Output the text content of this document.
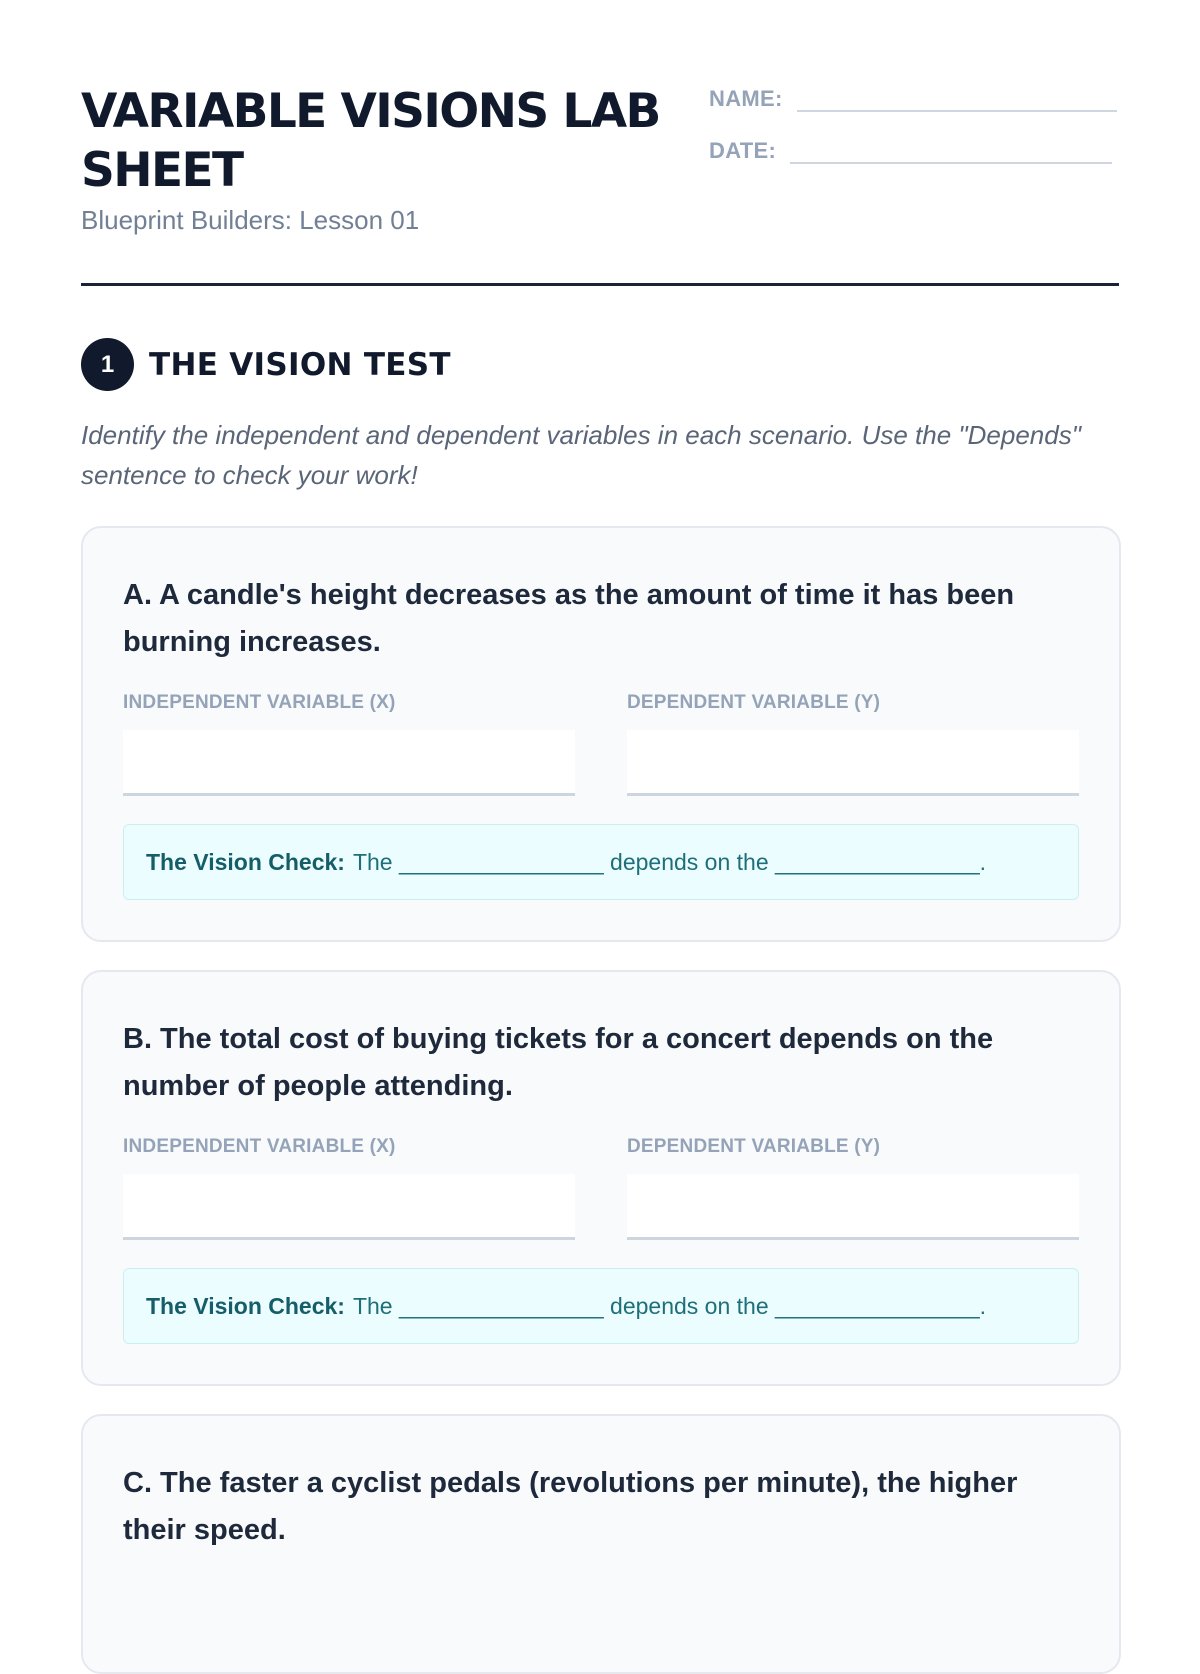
VARIABLE VISIONS LAB SHEET
Blueprint Builders: Lesson 01
NAME:
DATE:
1	THE VISION TEST
Identify the independent and dependent variables in each scenario. Use the "Depends" sentence to check your work!
A. A candle's height decreases as the amount of time it has been burning increases.
INDEPENDENT VARIABLE (X)	DEPENDENT VARIABLE (Y)
The Vision Check: The ________________ depends on the ________________.
B. The total cost of buying tickets for a concert depends on the number of people attending.
INDEPENDENT VARIABLE (X)	DEPENDENT VARIABLE (Y)
The Vision Check: The ________________ depends on the ________________.
C. The faster a cyclist pedals (revolutions per minute), the higher their speed.
